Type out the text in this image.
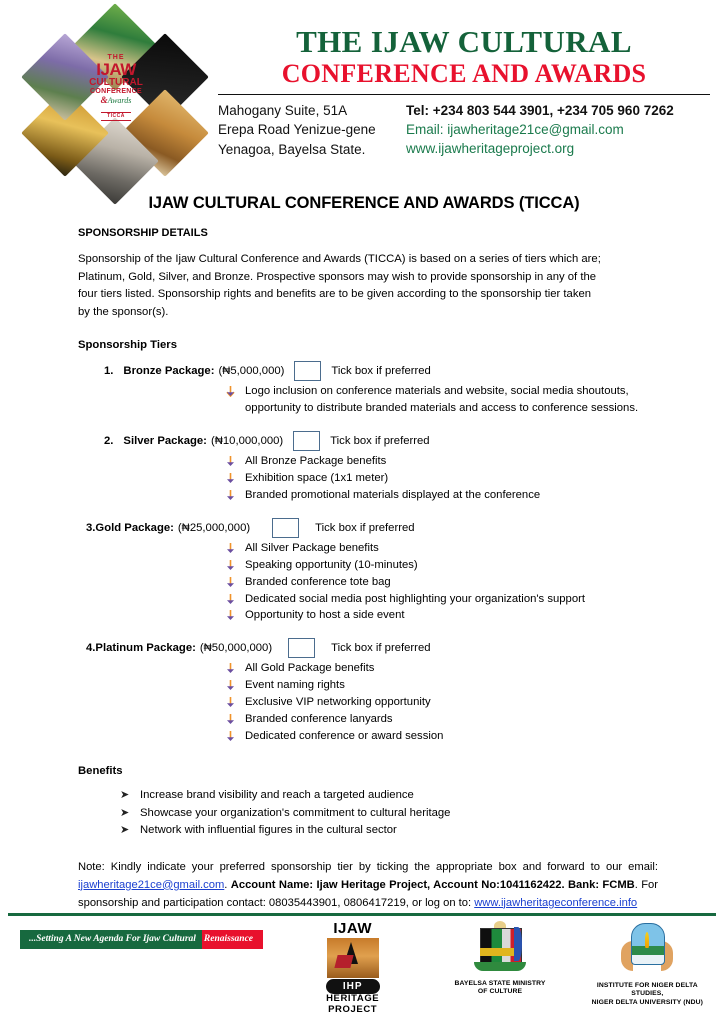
THE
IJAW
CULTURAL
CONFERENCE
&Awards
TICCA
THE IJAW CULTURAL
CONFERENCE AND AWARDS
Mahogany Suite, 51A
Erepa Road Yenizue-gene
Yenagoa, Bayelsa State.
Tel: +234 803 544 3901, +234 705 960 7262
Email: ijawheritage21ce@gmail.com
www.ijawheritageproject.org
IJAW CULTURAL CONFERENCE AND AWARDS (TICCA)
SPONSORSHIP DETAILS

Sponsorship of the Ijaw Cultural Conference and Awards (TICCA) is based on a series of tiers which are; Platinum, Gold, Silver, and Bronze. Prospective sponsors may wish to provide sponsorship in any of the four tiers listed. Sponsorship rights and benefits are to be given according to the sponsorship tier taken by the sponsor(s).

Sponsorship Tiers
1. Bronze Package: (₦5,000,000)	Tick box if preferred
Logo inclusion on conference materials and website, social media shoutouts, opportunity to distribute branded materials and access to conference sessions.
2. Silver Package: (₦10,000,000)	Tick box if preferred
All Bronze Package benefits
Exhibition space (1x1 meter)
Branded promotional materials displayed at the conference
3. Gold Package: (₦25,000,000)	Tick box if preferred
All Silver Package benefits
Speaking opportunity (10-minutes)
Branded conference tote bag
Dedicated social media post highlighting your organization's support
Opportunity to host a side event
4. Platinum Package: (₦50,000,000)	Tick box if preferred
All Gold Package benefits
Event naming rights
Exclusive VIP networking opportunity
Branded conference lanyards
Dedicated conference or award session
Benefits
➤ Increase brand visibility and reach a targeted audience
➤ Showcase your organization's commitment to cultural heritage
➤ Network with influential figures in the cultural sector

Note: Kindly indicate your preferred sponsorship tier by ticking the appropriate box and forward to our email: ijawheritage21ce@gmail.com. Account Name: Ijaw Heritage Project, Account No:1041162422. Bank: FCMB. For sponsorship and participation contact: 08035443901, 0806417219, or log on to: www.ijawheritageconference.info

...Setting A New Agenda For Ijaw Cultural Renaissance
IJAW
IHP
HERITAGE
PROJECT
BAYELSA STATE MINISTRY
OF CULTURE
INSTITUTE FOR NIGER DELTA STUDIES,
NIGER DELTA UNIVERSITY (NDU)
